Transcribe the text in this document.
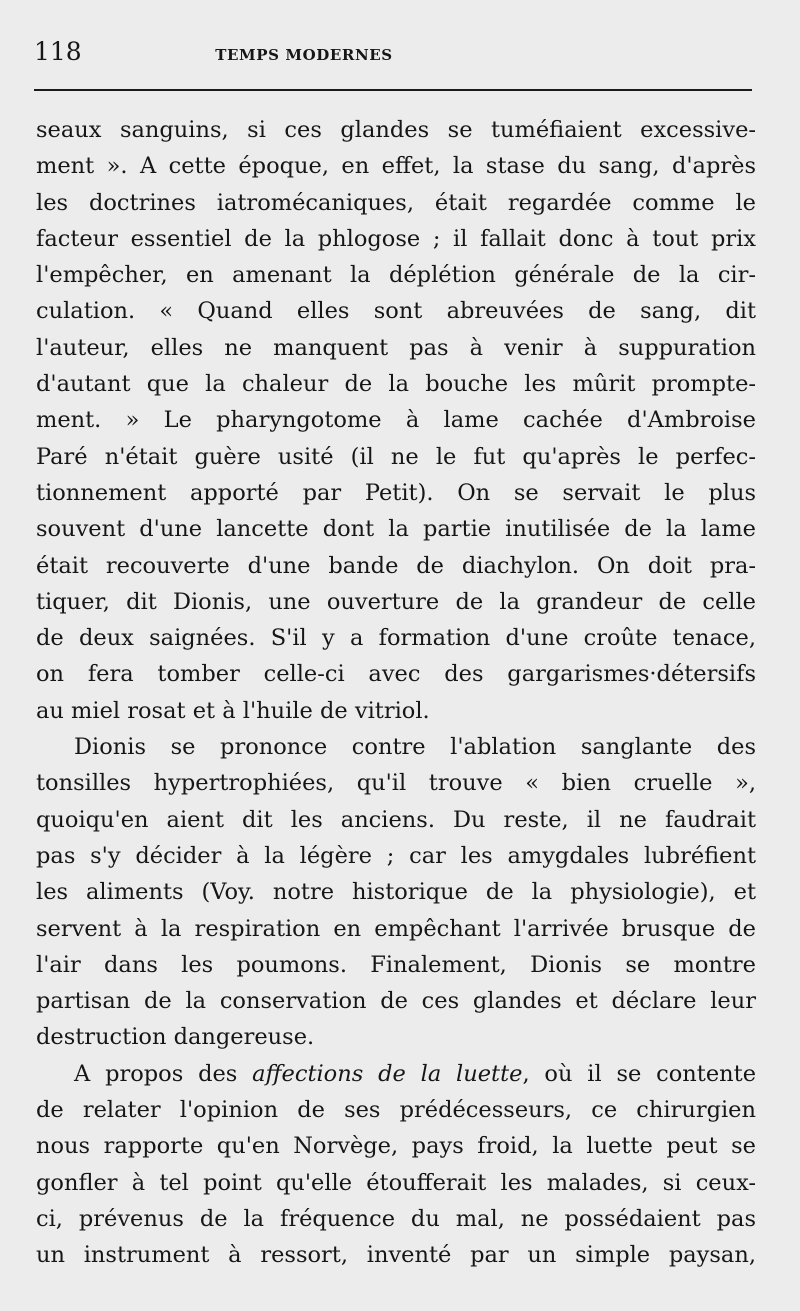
118	TEMPS MODERNES
seaux sanguins, si ces glandes se tuméfiaient excessive-
ment ». A cette époque, en effet, la stase du sang, d'après
les doctrines iatromécaniques, était regardée comme le
facteur essentiel de la phlogose ; il fallait donc à tout prix
l'empêcher, en amenant la déplétion générale de la cir-
culation. « Quand elles sont abreuvées de sang, dit
l'auteur, elles ne manquent pas à venir à suppuration
d'autant que la chaleur de la bouche les mûrit prompte-
ment. » Le pharyngotome à lame cachée d'Ambroise
Paré n'était guère usité (il ne le fut qu'après le perfec-
tionnement apporté par Petit). On se servait le plus
souvent d'une lancette dont la partie inutilisée de la lame
était recouverte d'une bande de diachylon. On doit pra-
tiquer, dit Dionis, une ouverture de la grandeur de celle
de deux saignées. S'il y a formation d'une croûte tenace,
on fera tomber celle-ci avec des gargarismes·détersifs
au miel rosat et à l'huile de vitriol.
Dionis se prononce contre l'ablation sanglante des
tonsilles hypertrophiées, qu'il trouve « bien cruelle »,
quoiqu'en aient dit les anciens. Du reste, il ne faudrait
pas s'y décider à la légère ; car les amygdales lubréfient
les aliments (Voy. notre historique de la physiologie), et
servent à la respiration en empêchant l'arrivée brusque de
l'air dans les poumons. Finalement, Dionis se montre
partisan de la conservation de ces glandes et déclare leur
destruction dangereuse.
A propos des affections de la luette, où il se contente
de relater l'opinion de ses prédécesseurs, ce chirurgien
nous rapporte qu'en Norvège, pays froid, la luette peut se
gonfler à tel point qu'elle étoufferait les malades, si ceux-
ci, prévenus de la fréquence du mal, ne possédaient pas
un instrument à ressort, inventé par un simple paysan,
